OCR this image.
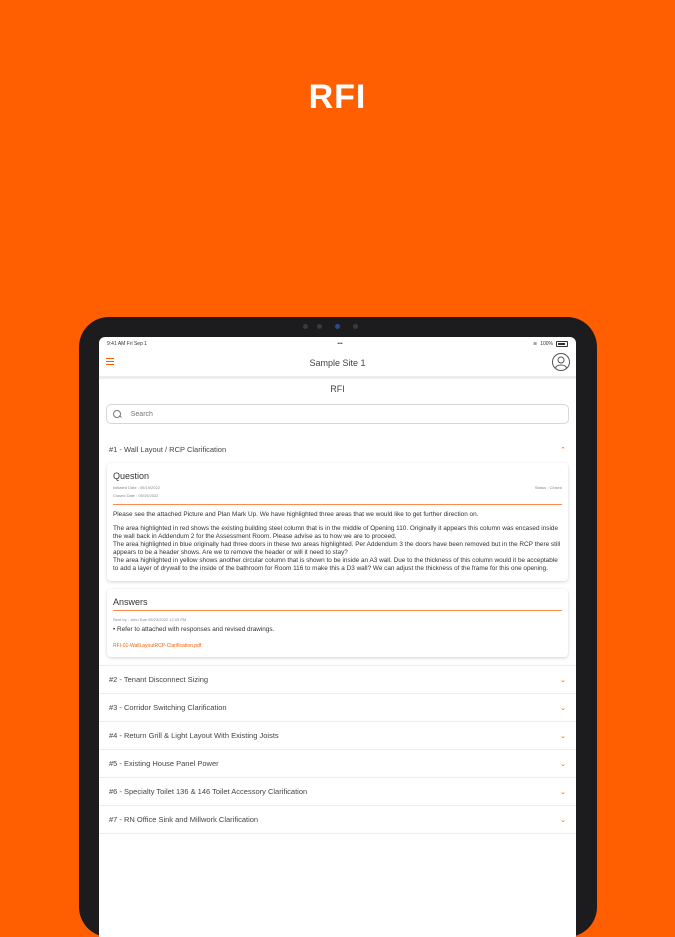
RFI
9:41 AM Fri Sep 1	•••	≋ 100%
Sample Site 1
RFI
Search
#1 - Wall Layout / RCP Clarification	⌃
Question
Initiated Date : 05/19/2022	Status : Closed
Closed Date : 05/19/2022

Please see the attached Picture and Plan Mark Up. We have highlighted three areas that we would like to get further direction on.

The area highlighted in red shows the existing building steel column that is in the middle of Opening 110. Originally it appears this column was encased inside the wall back in Addendum 2 for the Assessment Room. Please advise as to how we are to proceed.

The area highlighted in blue originally had three doors in these two areas highlighted. Per Addendum 3 the doors have been removed but in the RCP there still appears to be a header shows. Are we to remove the header or will it need to stay?

The area highlighted in yellow shows another circular column that is shown to be inside an A3 wall. Due to the thickness of this column would it be acceptable to add a layer of drywall to the inside of the bathroom for Room 116 to make this a D3 wall? We can adjust the thickness of the frame for this one opening.

Answers
Sent by : John Doe 05/23/2022 12:03 PM
• Refer to attached with responses and revised drawings.
RFI-01-WallLayoutRCP-Clarification.pdf
#2 - Tenant Disconnect Sizing	⌄
#3 - Corridor Switching Clarification	⌄
#4 - Return Grill & Light Layout With Existing Joists	⌄
#5 - Existing House Panel Power	⌄
#6 - Specialty Toilet 136 & 146 Toilet Accessory Clarification	⌄
#7 - RN Office Sink and Millwork Clarification	⌄
